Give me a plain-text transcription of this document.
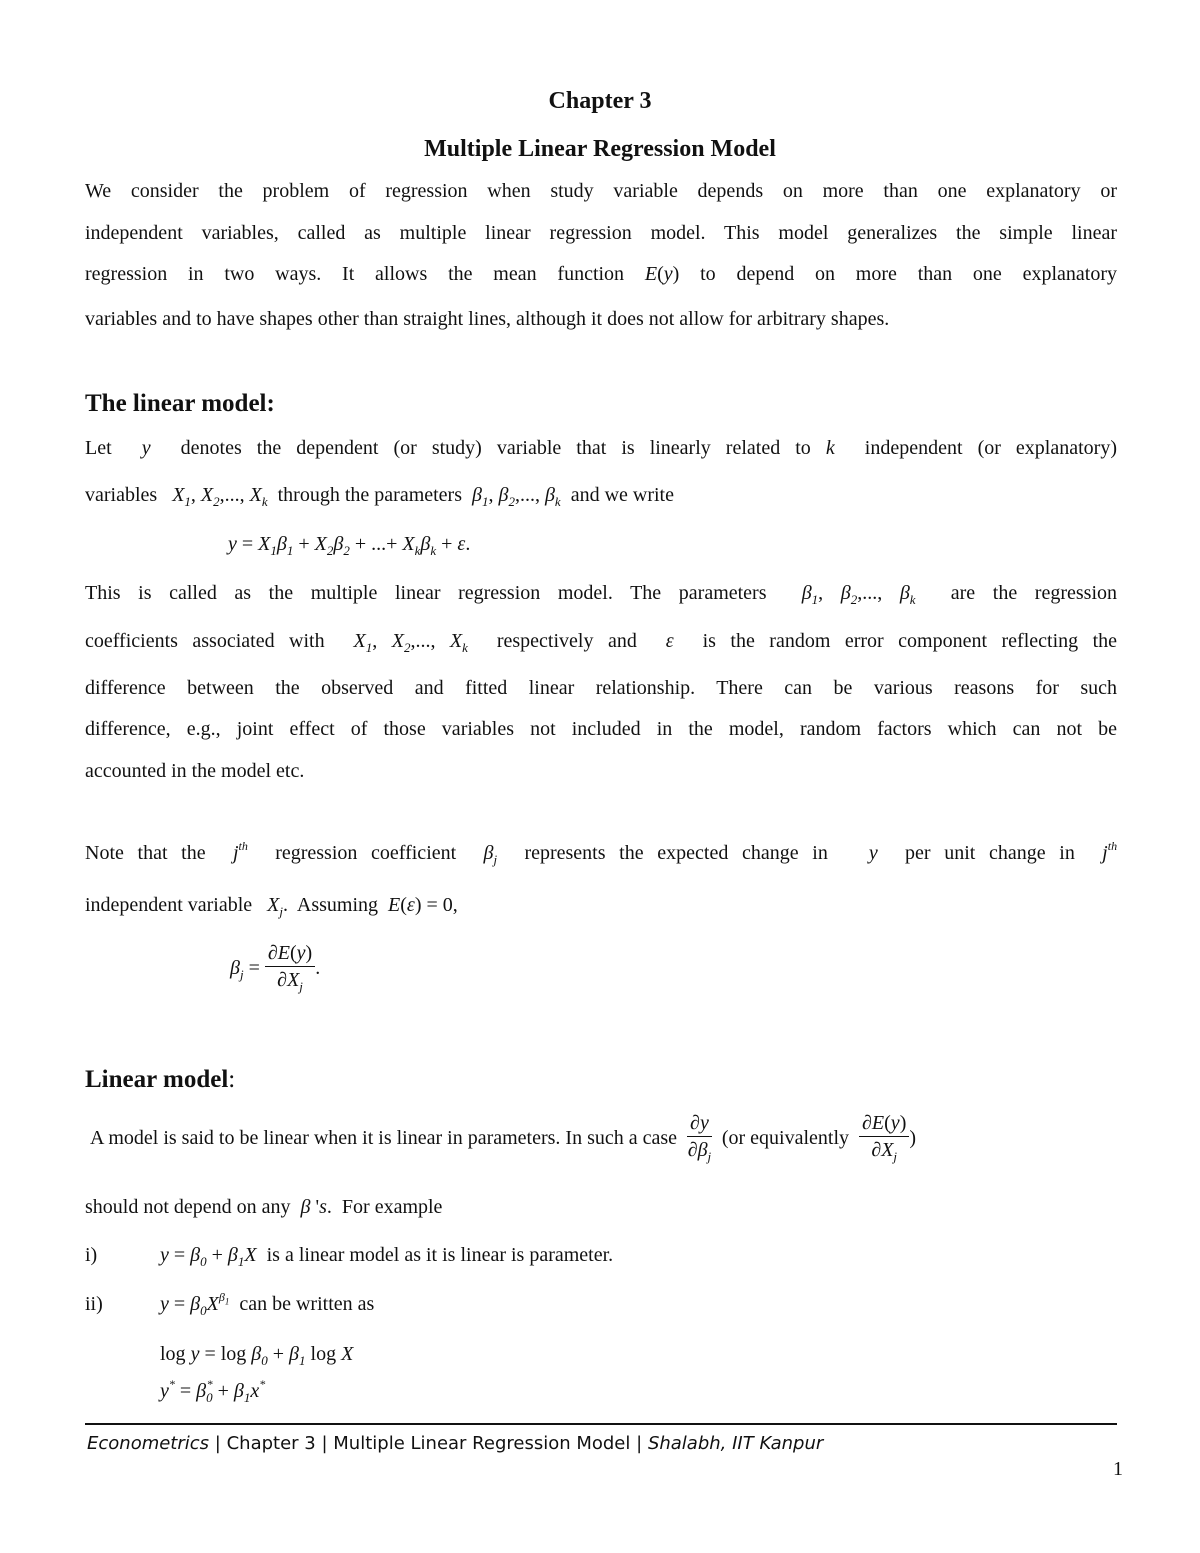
Chapter 3
Multiple Linear Regression Model
We consider the problem of regression when study variable depends on more than one explanatory or
independent variables, called as multiple linear regression model. This model generalizes the simple linear
regression in two ways. It allows the mean function E(y) to depend on more than one explanatory
variables and to have shapes other than straight lines, although it does not allow for arbitrary shapes.
The linear model:
Let y denotes the dependent (or study) variable that is linearly related to k independent (or explanatory)
variables $X_1$, $X_2$,..., $X_k$ through the parameters $\beta_1$, $\beta_2$,..., $\beta_k$ and we write
$y = X_1\beta_1 + X_2\beta_2$ + ...+ $X_k\beta_k + \varepsilon$.
This is called as the multiple linear regression model. The parameters $\beta_1$, $\beta_2$,..., $\beta_k$ are the regression
coefficients associated with $X_1$, $X_2$,..., $X_k$ respectively and ε is the random error component reflecting the
difference between the observed and fitted linear relationship. There can be various reasons for such
difference, e.g., joint effect of those variables not included in the model, random factors which can not be
accounted in the model etc.
Note that the $j^{th}$ regression coefficient $\beta_j$ represents the expected change in y per unit change in $j^{th}$
independent variable $X_j$.  Assuming E(ε) = 0,
$\beta_j = \frac{\partial E(y)}{\partial X_j}$ .
Linear model:
A model is said to be linear when it is linear in parameters. In such a case $\frac{\partial y}{\partial\beta_j} (or$ equivalently $\frac{\partial E(y)}{\partial X_j}$ )
should not depend on any β 's.  For example
i)	$y = \beta_0 + \beta_1X$ is a linear model as it is linear is parameter.
ii)	$y = \beta_0X^{\beta_1}$ can be written as
$\log y = \log \beta_0 + \beta_1$ log X
$y^* = \beta_0^* + \beta_1x^*$
Econometrics | Chapter 3 | Multiple Linear Regression Model | Shalabh, IIT Kanpur
1
